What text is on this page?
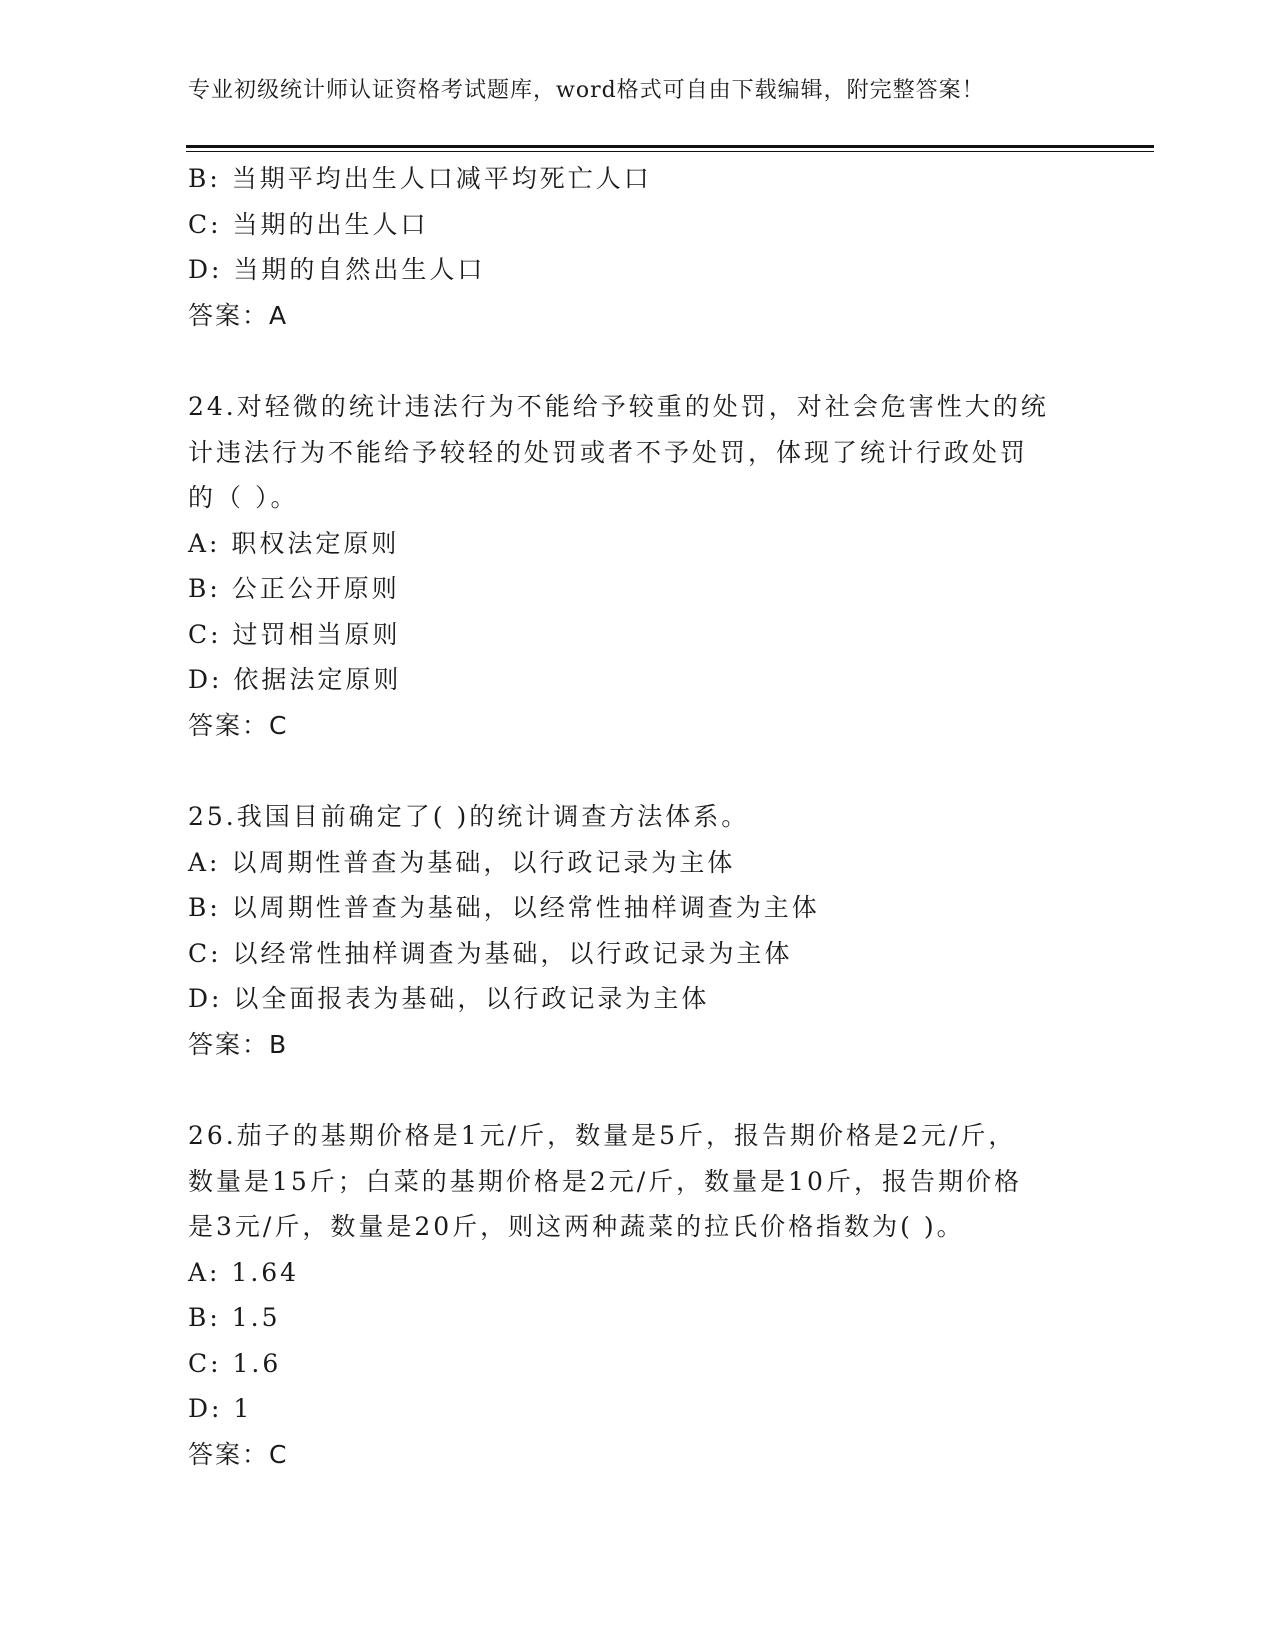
专业初级统计师认证资格考试题库，word格式可自由下载编辑，附完整答案！
B: 当期平均出生人口减平均死亡人口
C: 当期的出生人口
D: 当期的自然出生人口
答案：A
24.对轻微的统计违法行为不能给予较重的处罚，对社会危害性大的统
计违法行为不能给予较轻的处罚或者不予处罚，体现了统计行政处罚
的（ ）。
A: 职权法定原则
B: 公正公开原则
C: 过罚相当原则
D: 依据法定原则
答案：C
25.我国目前确定了( )的统计调查方法体系。
A: 以周期性普查为基础，以行政记录为主体
B: 以周期性普查为基础，以经常性抽样调查为主体
C: 以经常性抽样调查为基础，以行政记录为主体
D: 以全面报表为基础，以行政记录为主体
答案：B
26.茄子的基期价格是1元/斤，数量是5斤，报告期价格是2元/斤，
数量是15斤；白菜的基期价格是2元/斤，数量是10斤，报告期价格
是3元/斤，数量是20斤，则这两种蔬菜的拉氏价格指数为( )。
A: 1.64
B: 1.5
C: 1.6
D: 1
答案：C
